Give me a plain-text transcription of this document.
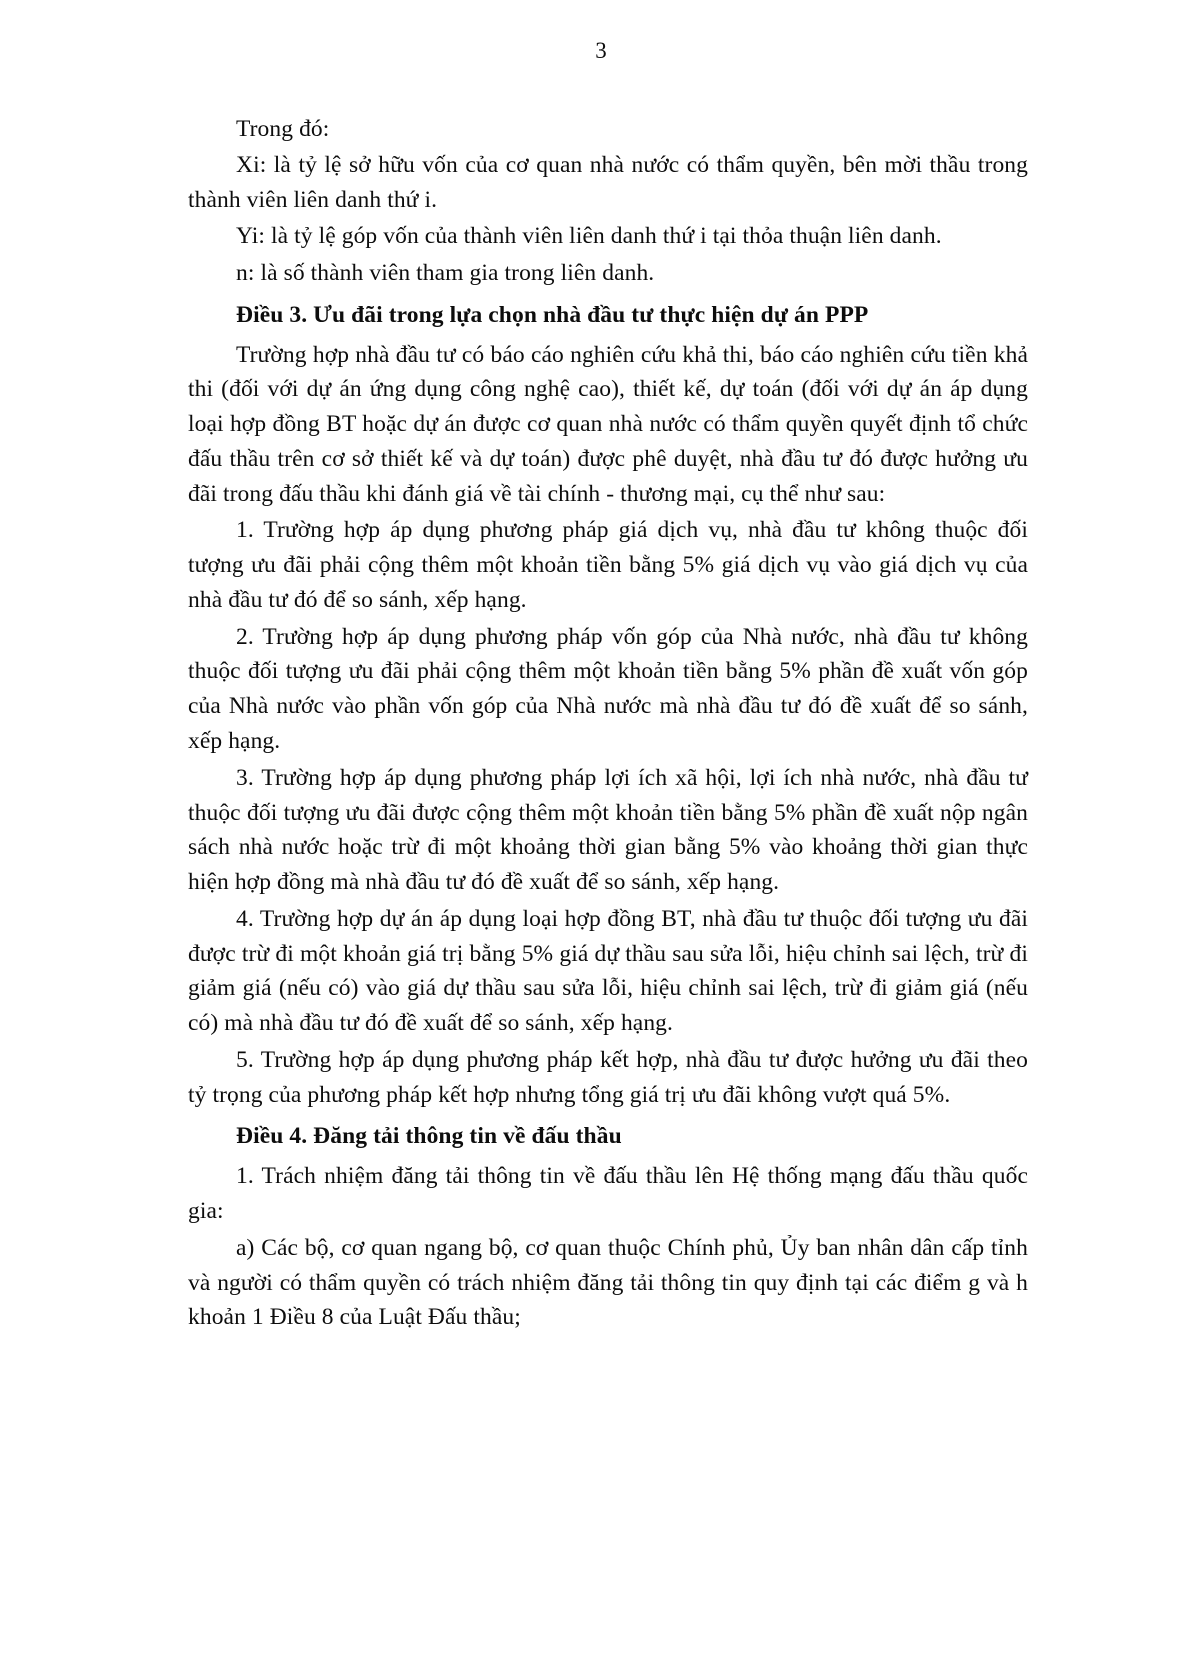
3

Trong đó:

Xi: là tỷ lệ sở hữu vốn của cơ quan nhà nước có thẩm quyền, bên mời thầu trong thành viên liên danh thứ i.

Yi: là tỷ lệ góp vốn của thành viên liên danh thứ i tại thỏa thuận liên danh.

n: là số thành viên tham gia trong liên danh.

Điều 3. Ưu đãi trong lựa chọn nhà đầu tư thực hiện dự án PPP

Trường hợp nhà đầu tư có báo cáo nghiên cứu khả thi, báo cáo nghiên cứu tiền khả thi (đối với dự án ứng dụng công nghệ cao), thiết kế, dự toán (đối với dự án áp dụng loại hợp đồng BT hoặc dự án được cơ quan nhà nước có thẩm quyền quyết định tổ chức đấu thầu trên cơ sở thiết kế và dự toán) được phê duyệt, nhà đầu tư đó được hưởng ưu đãi trong đấu thầu khi đánh giá về tài chính - thương mại, cụ thể như sau:

1. Trường hợp áp dụng phương pháp giá dịch vụ, nhà đầu tư không thuộc đối tượng ưu đãi phải cộng thêm một khoản tiền bằng 5% giá dịch vụ vào giá dịch vụ của nhà đầu tư đó để so sánh, xếp hạng.

2. Trường hợp áp dụng phương pháp vốn góp của Nhà nước, nhà đầu tư không thuộc đối tượng ưu đãi phải cộng thêm một khoản tiền bằng 5% phần đề xuất vốn góp của Nhà nước vào phần vốn góp của Nhà nước mà nhà đầu tư đó đề xuất để so sánh, xếp hạng.

3. Trường hợp áp dụng phương pháp lợi ích xã hội, lợi ích nhà nước, nhà đầu tư thuộc đối tượng ưu đãi được cộng thêm một khoản tiền bằng 5% phần đề xuất nộp ngân sách nhà nước hoặc trừ đi một khoảng thời gian bằng 5% vào khoảng thời gian thực hiện hợp đồng mà nhà đầu tư đó đề xuất để so sánh, xếp hạng.

4. Trường hợp dự án áp dụng loại hợp đồng BT, nhà đầu tư thuộc đối tượng ưu đãi được trừ đi một khoản giá trị bằng 5% giá dự thầu sau sửa lỗi, hiệu chỉnh sai lệch, trừ đi giảm giá (nếu có) vào giá dự thầu sau sửa lỗi, hiệu chỉnh sai lệch, trừ đi giảm giá (nếu có) mà nhà đầu tư đó đề xuất để so sánh, xếp hạng.

5. Trường hợp áp dụng phương pháp kết hợp, nhà đầu tư được hưởng ưu đãi theo tỷ trọng của phương pháp kết hợp nhưng tổng giá trị ưu đãi không vượt quá 5%.

Điều 4. Đăng tải thông tin về đấu thầu

1. Trách nhiệm đăng tải thông tin về đấu thầu lên Hệ thống mạng đấu thầu quốc gia:

a) Các bộ, cơ quan ngang bộ, cơ quan thuộc Chính phủ, Ủy ban nhân dân cấp tỉnh và người có thẩm quyền có trách nhiệm đăng tải thông tin quy định tại các điểm g và h khoản 1 Điều 8 của Luật Đấu thầu;
